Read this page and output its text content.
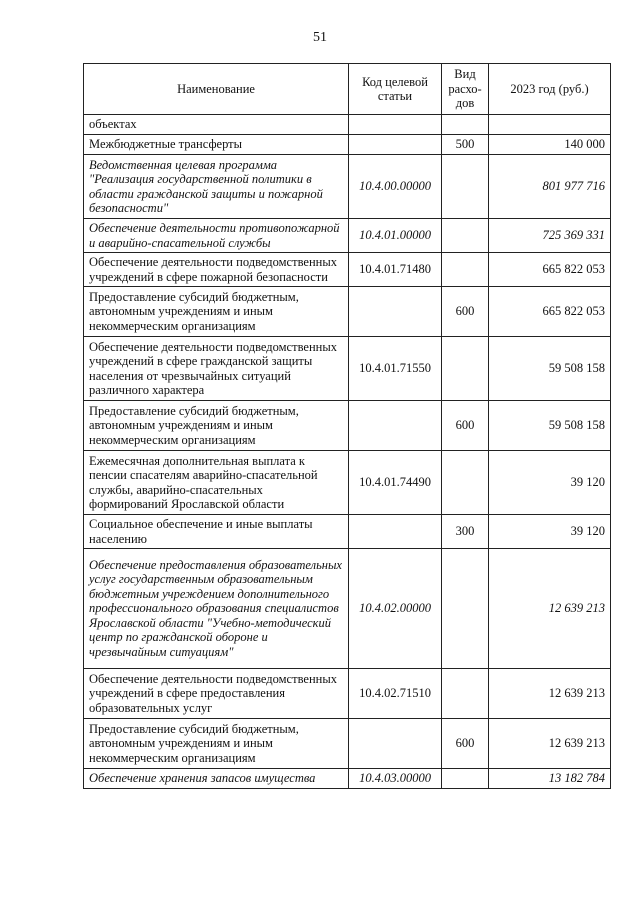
51
Наименование	Код целевой статьи	Вид расхо-дов	2023 год (руб.)
объектах			
Межбюджетные трансферты		500	140 000
Ведомственная целевая программа "Реализация государственной политики в области гражданской защиты и пожарной безопасности"	10.4.00.00000		801 977 716
Обеспечение деятельности противопожарной и аварийно-спасательной службы	10.4.01.00000		725 369 331
Обеспечение деятельности подведомственных учреждений в сфере пожарной безопасности	10.4.01.71480		665 822 053
Предоставление субсидий бюджетным, автономным учреждениям и иным некоммерческим организациям		600	665 822 053
Обеспечение деятельности подведомственных учреждений в сфере гражданской защиты населения от чрезвычайных ситуаций различного характера	10.4.01.71550		59 508 158
Предоставление субсидий бюджетным, автономным учреждениям и иным некоммерческим организациям		600	59 508 158
Ежемесячная дополнительная выплата к пенсии спасателям аварийно-спасательной службы, аварийно-спасательных формирований Ярославской области	10.4.01.74490		39 120
Социальное обеспечение и иные выплаты населению		300	39 120
Обеспечение предоставления образовательных услуг государственным образовательным бюджетным учреждением дополнительного профессионального образования специалистов Ярославской области "Учебно-методический центр по гражданской обороне и чрезвычайным ситуациям"	10.4.02.00000		12 639 213
Обеспечение деятельности подведомственных учреждений в сфере предоставления образовательных услуг	10.4.02.71510		12 639 213
Предоставление субсидий бюджетным, автономным учреждениям и иным некоммерческим организациям		600	12 639 213
Обеспечение хранения запасов имущества	10.4.03.00000		13 182 784
